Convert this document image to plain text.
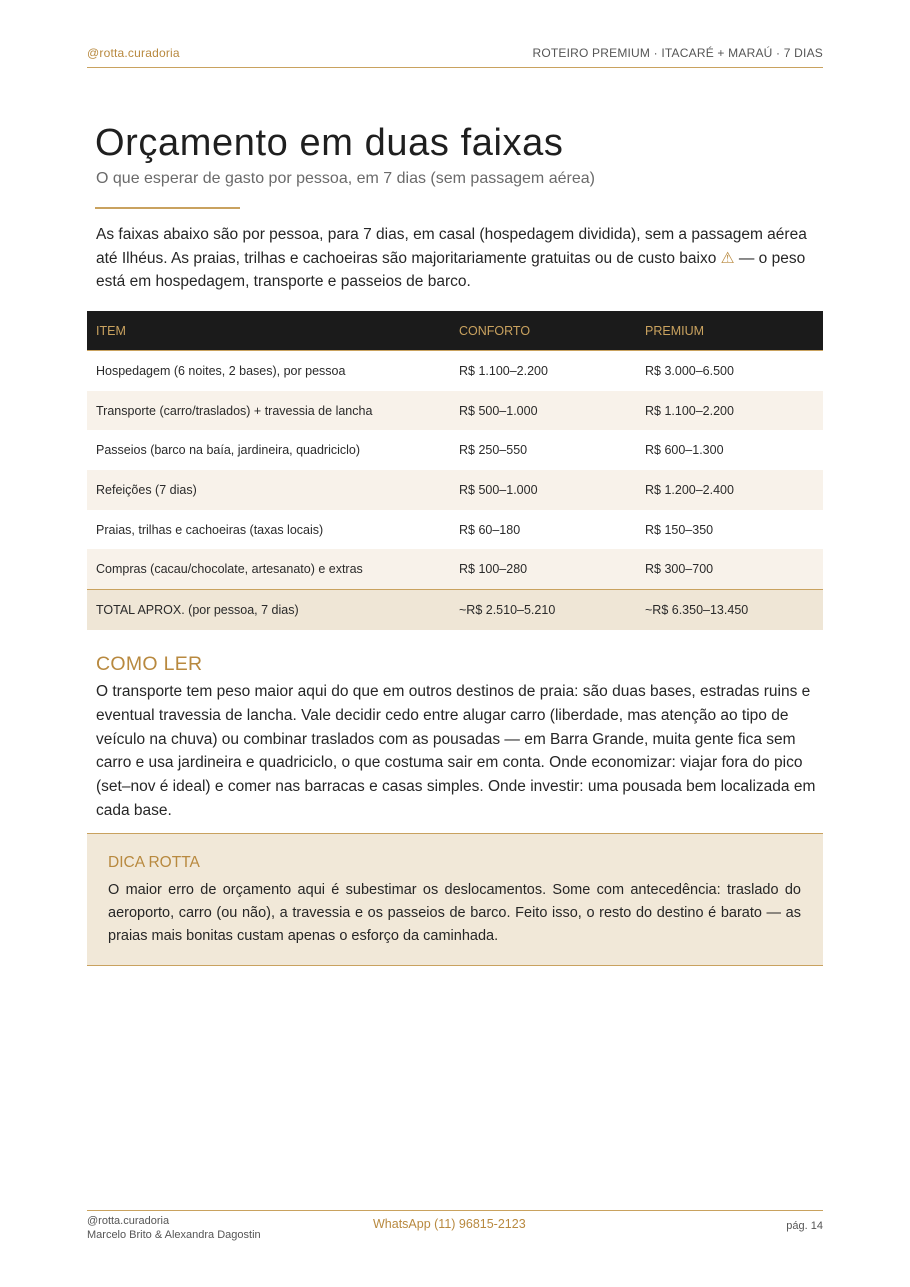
@rotta.curadoria	ROTEIRO PREMIUM · ITACARÉ + MARAÚ · 7 DIAS
Orçamento em duas faixas
O que esperar de gasto por pessoa, em 7 dias (sem passagem aérea)
As faixas abaixo são por pessoa, para 7 dias, em casal (hospedagem dividida), sem a passagem aérea até Ilhéus. As praias, trilhas e cachoeiras são majoritariamente gratuitas ou de custo baixo ⚠ — o peso está em hospedagem, transporte e passeios de barco.
ITEM	CONFORTO	PREMIUM
Hospedagem (6 noites, 2 bases), por pessoa	R$ 1.100–2.200	R$ 3.000–6.500
Transporte (carro/traslados) + travessia de lancha	R$ 500–1.000	R$ 1.100–2.200
Passeios (barco na baía, jardineira, quadriciclo)	R$ 250–550	R$ 600–1.300
Refeições (7 dias)	R$ 500–1.000	R$ 1.200–2.400
Praias, trilhas e cachoeiras (taxas locais)	R$ 60–180	R$ 150–350
Compras (cacau/chocolate, artesanato) e extras	R$ 100–280	R$ 300–700
TOTAL APROX. (por pessoa, 7 dias)	~R$ 2.510–5.210	~R$ 6.350–13.450
COMO LER
O transporte tem peso maior aqui do que em outros destinos de praia: são duas bases, estradas ruins e eventual travessia de lancha. Vale decidir cedo entre alugar carro (liberdade, mas atenção ao tipo de veículo na chuva) ou combinar traslados com as pousadas — em Barra Grande, muita gente fica sem carro e usa jardineira e quadriciclo, o que costuma sair em conta. Onde economizar: viajar fora do pico (set–nov é ideal) e comer nas barracas e casas simples. Onde investir: uma pousada bem localizada em cada base.
DICA ROTTA
O maior erro de orçamento aqui é subestimar os deslocamentos. Some com antecedência: traslado do aeroporto, carro (ou não), a travessia e os passeios de barco. Feito isso, o resto do destino é barato — as praias mais bonitas custam apenas o esforço da caminhada.
@rotta.curadoria
Marcelo Brito & Alexandra Dagostin
WhatsApp (11) 96815-2123	pág. 14
